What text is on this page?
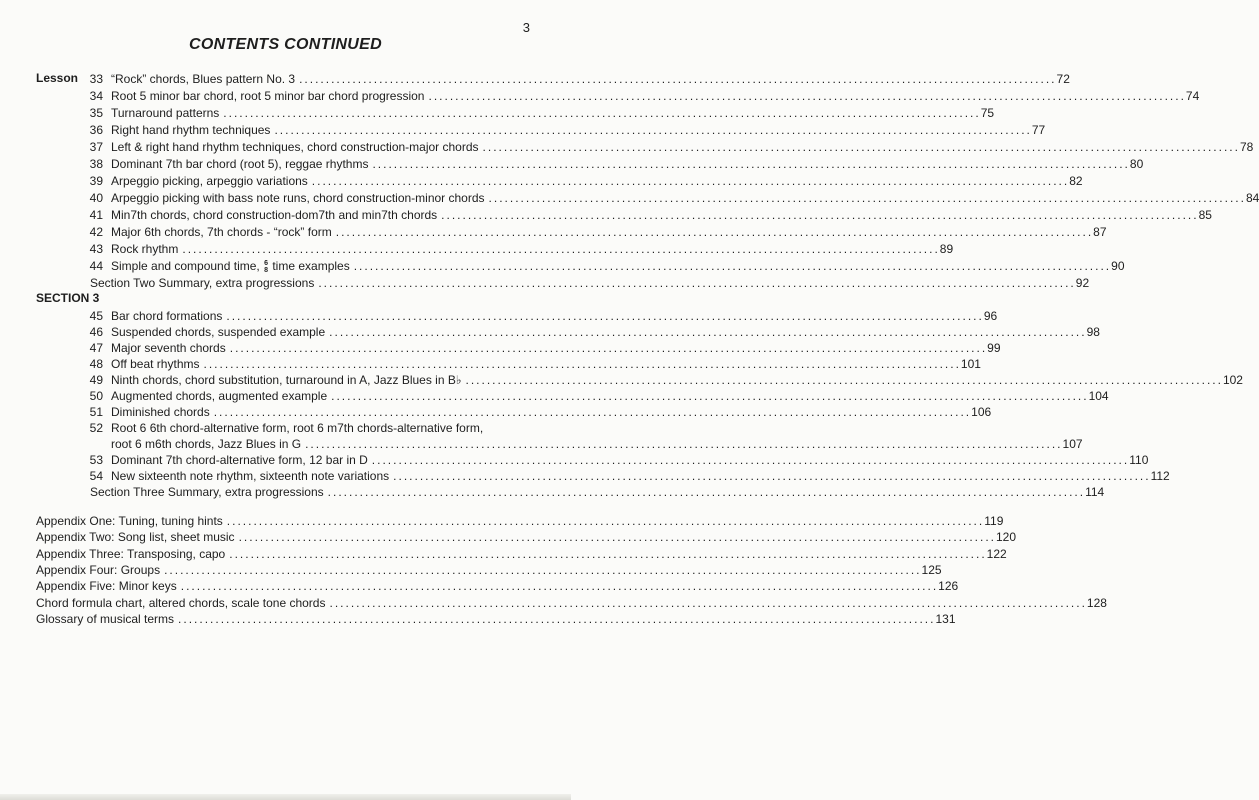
3
CONTENTS CONTINUED
Lesson
SECTION 3
33 “Rock” chords, Blues pattern No. 3 .............................................................................................................................................. 72
34 Root 5 minor bar chord, root 5 minor bar chord progression .............................................................................................................................................. 74
35 Turnaround patterns .............................................................................................................................................. 75
36 Right hand rhythm techniques .............................................................................................................................................. 77
37 Left & right hand rhythm techniques, chord construction-major chords .............................................................................................................................................. 78
38 Dominant 7th bar chord (root 5), reggae rhythms .............................................................................................................................................. 80
39 Arpeggio picking, arpeggio variations .............................................................................................................................................. 82
40 Arpeggio picking with bass note runs, chord construction-minor chords .............................................................................................................................................. 84
41 Min7th chords, chord construction-dom7th and min7th chords .............................................................................................................................................. 85
42 Major 6th chords, 7th chords - “rock” form .............................................................................................................................................. 87
43 Rock rhythm .............................................................................................................................................. 89
44 Simple and compound time, 6
8 time examples .............................................................................................................................................. 90
Section Two Summary, extra progressions .............................................................................................................................................. 92
45 Bar chord formations .............................................................................................................................................. 96
46 Suspended chords, suspended example .............................................................................................................................................. 98
47 Major seventh chords .............................................................................................................................................. 99
48 Off beat rhythms .............................................................................................................................................. 101
49 Ninth chords, chord substitution, turnaround in A, Jazz Blues in B♭ .............................................................................................................................................. 102
50 Augmented chords, augmented example .............................................................................................................................................. 104
51 Diminished chords .............................................................................................................................................. 106
52 Root 6 6th chord-alternative form, root 6 m7th chords-alternative form,
root 6 m6th chords, Jazz Blues in G .............................................................................................................................................. 107
53 Dominant 7th chord-alternative form, 12 bar in D .............................................................................................................................................. 110
54 New sixteenth note rhythm, sixteenth note variations .............................................................................................................................................. 112
Section Three Summary, extra progressions .............................................................................................................................................. 114
Appendix One: Tuning, tuning hints .............................................................................................................................................. 119
Appendix Two: Song list, sheet music .............................................................................................................................................. 120
Appendix Three: Transposing, capo .............................................................................................................................................. 122
Appendix Four: Groups .............................................................................................................................................. 125
Appendix Five: Minor keys .............................................................................................................................................. 126
Chord formula chart, altered chords, scale tone chords .............................................................................................................................................. 128
Glossary of musical terms .............................................................................................................................................. 131
